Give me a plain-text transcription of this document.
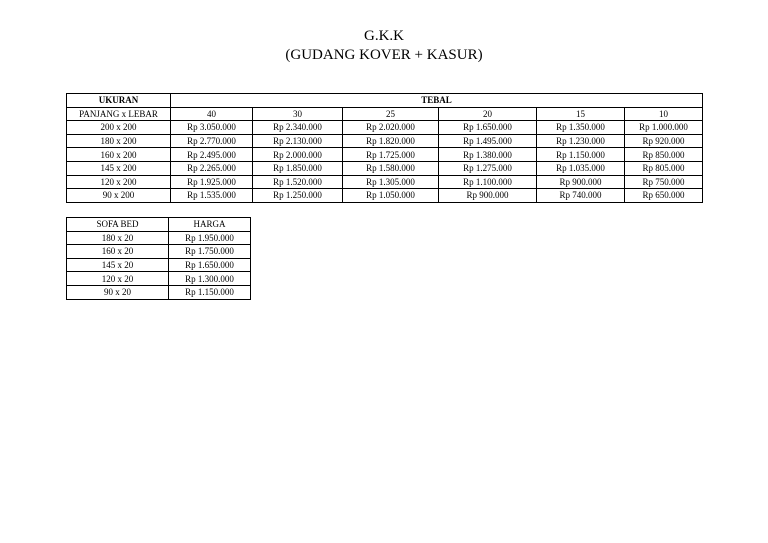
G.K.K
(GUDANG KOVER + KASUR)
UKURAN	TEBAL					
PANJANG x LEBAR	40	30	25	20	15	10
200 x 200	Rp 3.050.000	Rp 2.340.000	Rp 2.020.000	Rp 1.650.000	Rp 1.350.000	Rp 1.000.000
180 x 200	Rp 2.770.000	Rp 2.130.000	Rp 1.820.000	Rp 1.495.000	Rp 1.230.000	Rp 920.000
160 x 200	Rp 2.495.000	Rp 2.000.000	Rp 1.725.000	Rp 1.380.000	Rp 1.150.000	Rp 850.000
145 x 200	Rp 2.265.000	Rp 1.850.000	Rp 1.580.000	Rp 1.275.000	Rp 1.035.000	Rp 805.000
120 x 200	Rp 1.925.000	Rp 1.520.000	Rp 1.305.000	Rp 1.100.000	Rp 900.000	Rp 750.000
90 x 200	Rp 1.535.000	Rp 1.250.000	Rp 1.050.000	Rp 900.000	Rp 740.000	Rp 650.000
SOFA BED	HARGA
180 x 20	Rp 1.950.000
160 x 20	Rp 1.750.000
145 x 20	Rp 1.650.000
120 x 20	Rp 1.300.000
90 x 20	Rp 1.150.000
